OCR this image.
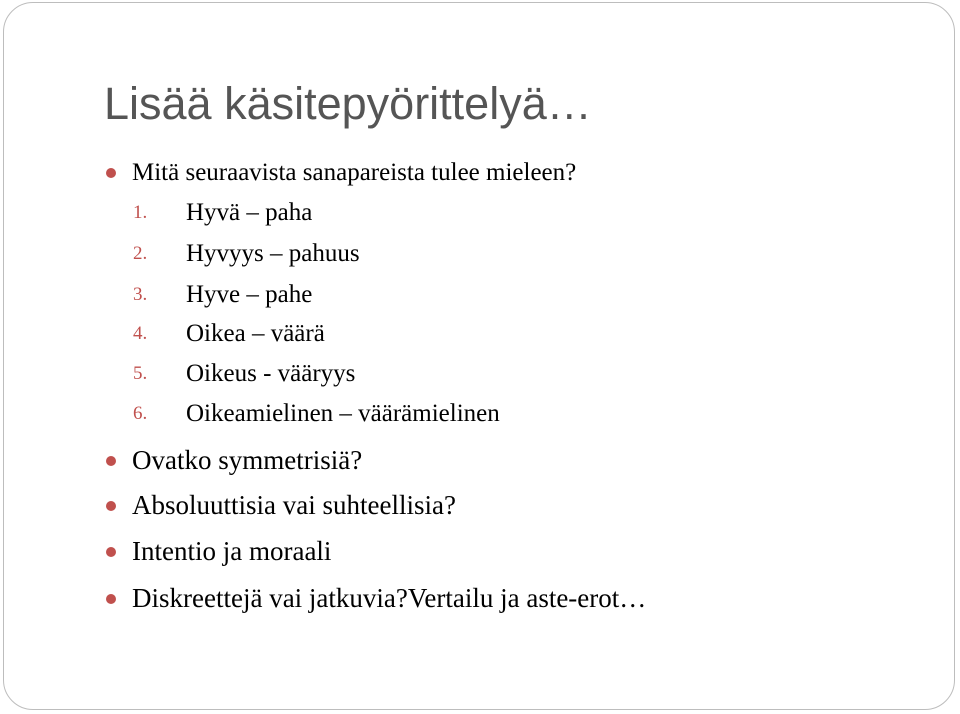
Lisää käsitepyörittelyä…
Mitä seuraavista sanapareista tulee mieleen?
1. Hyvä – paha
2. Hyvyys – pahuus
3. Hyve – pahe
4. Oikea – väärä
5. Oikeus - vääryys
6. Oikeamielinen – väärämielinen
Ovatko symmetrisiä?
Absoluuttisia vai suhteellisia?
Intentio ja moraali
Diskreettejä vai jatkuvia?Vertailu ja aste-erot…
